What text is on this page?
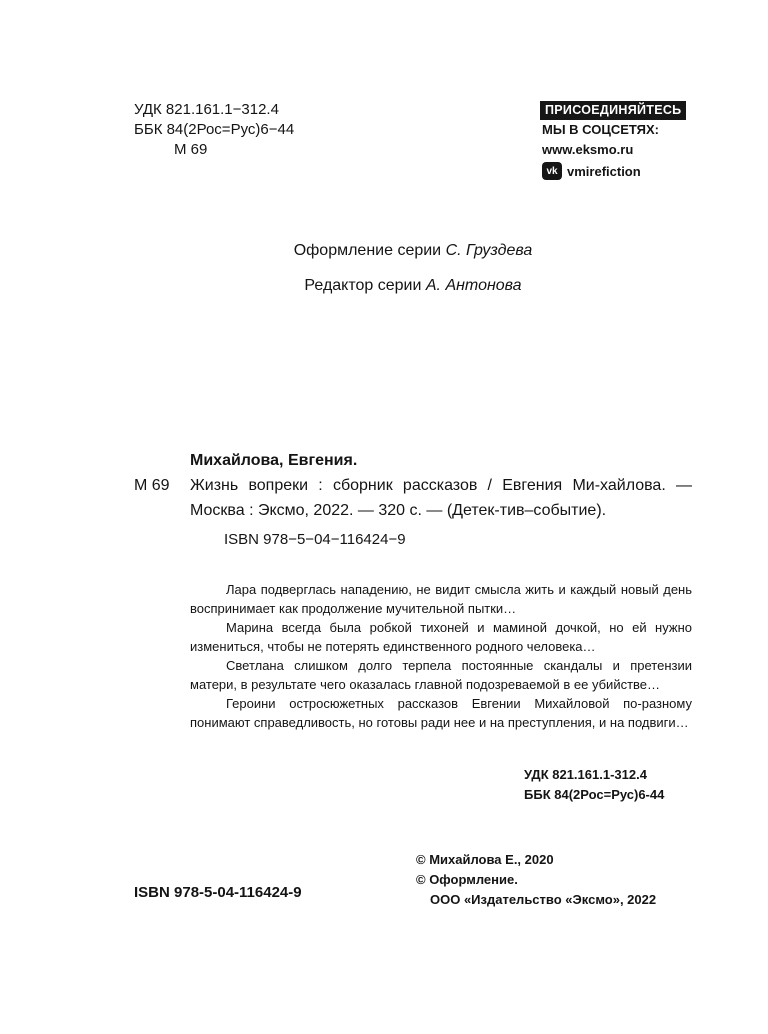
УДК 821.161.1−312.4
ББК 84(2Рос=Рус)6−44
М 69
ПРИСОЕДИНЯЙТЕСЬ
МЫ В СОЦСЕТЯХ:
www.eksmo.ru
vk vmirefiction
Оформление серии С. Груздева
Редактор серии А. Антонова
Михайлова, Евгения.
М 69	Жизнь вопреки : сборник рассказов / Евгения Ми-хайлова. — Москва : Эксмо, 2022. — 320 с. — (Детек-тив–событие).
ISBN 978−5−04−116424−9

Лара подверглась нападению, не видит смысла жить и каждый новый день воспринимает как продолжение мучительной пытки…

Марина всегда была робкой тихоней и маминой дочкой, но ей нужно измениться, чтобы не потерять единственного родного человека…

Светлана слишком долго терпела постоянные скандалы и претензии матери, в результате чего оказалась главной подозреваемой в ее убийстве…

Героини остросюжетных рассказов Евгении Михайловой по-разному понимают справедливость, но готовы ради нее и на преступления, и на подвиги…

УДК 821.161.1-312.4
ББК 84(2Рос=Рус)6-44
© Михайлова Е., 2020
© Оформление.
ООО «Издательство «Эксмо», 2022
ISBN 978-5-04-116424-9
